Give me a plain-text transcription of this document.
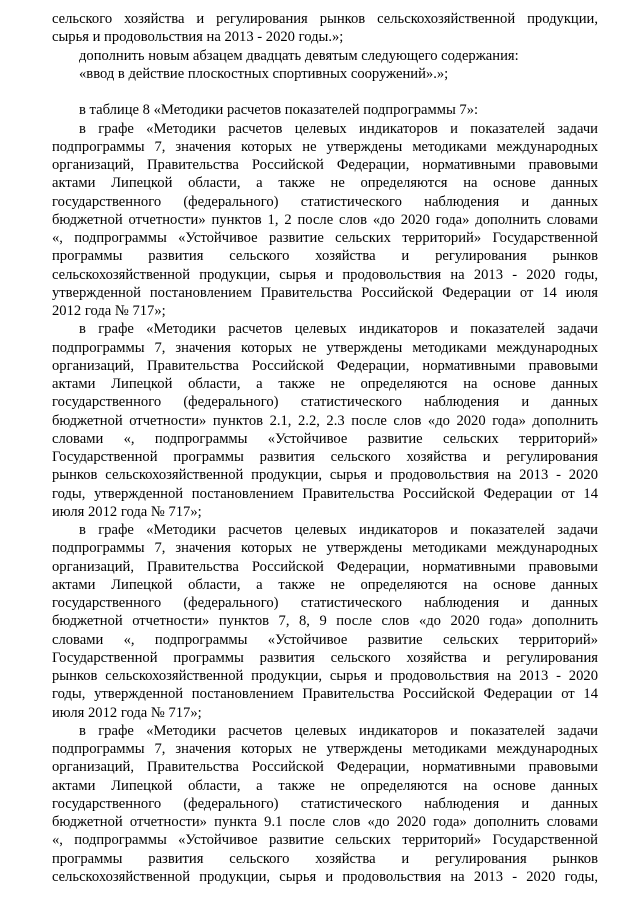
сельского хозяйства и регулирования рынков сельскохозяйственной продукции,
сырья и продовольствия на 2013 - 2020 годы.»;
дополнить новым абзацем двадцать девятым следующего содержания:
«ввод в действие плоскостных спортивных сооружений».»;
в таблице 8 «Методики расчетов показателей подпрограммы 7»:
в графе «Методики расчетов целевых индикаторов и показателей задачи
подпрограммы 7, значения которых не утверждены методиками международных
организаций, Правительства Российской Федерации, нормативными правовыми
актами Липецкой области, а также не определяются на основе данных
государственного (федерального) статистического наблюдения и данных
бюджетной отчетности» пунктов 1, 2 после слов «до 2020 года» дополнить словами
«, подпрограммы «Устойчивое развитие сельских территорий» Государственной
программы развития сельского хозяйства и регулирования рынков
сельскохозяйственной продукции, сырья и продовольствия на 2013 - 2020 годы,
утвержденной постановлением Правительства Российской Федерации от 14 июля
2012 года № 717»;
в графе «Методики расчетов целевых индикаторов и показателей задачи
подпрограммы 7, значения которых не утверждены методиками международных
организаций, Правительства Российской Федерации, нормативными правовыми
актами Липецкой области, а также не определяются на основе данных
государственного (федерального) статистического наблюдения и данных
бюджетной отчетности» пунктов 2.1, 2.2, 2.3 после слов «до 2020 года» дополнить
словами «, подпрограммы «Устойчивое развитие сельских территорий»
Государственной программы развития сельского хозяйства и регулирования
рынков сельскохозяйственной продукции, сырья и продовольствия на 2013 - 2020
годы, утвержденной постановлением Правительства Российской Федерации от 14
июля 2012 года № 717»;
в графе «Методики расчетов целевых индикаторов и показателей задачи
подпрограммы 7, значения которых не утверждены методиками международных
организаций, Правительства Российской Федерации, нормативными правовыми
актами Липецкой области, а также не определяются на основе данных
государственного (федерального) статистического наблюдения и данных
бюджетной отчетности» пунктов 7, 8, 9 после слов «до 2020 года» дополнить
словами «, подпрограммы «Устойчивое развитие сельских территорий»
Государственной программы развития сельского хозяйства и регулирования
рынков сельскохозяйственной продукции, сырья и продовольствия на 2013 - 2020
годы, утвержденной постановлением Правительства Российской Федерации от 14
июля 2012 года № 717»;
в графе «Методики расчетов целевых индикаторов и показателей задачи
подпрограммы 7, значения которых не утверждены методиками международных
организаций, Правительства Российской Федерации, нормативными правовыми
актами Липецкой области, а также не определяются на основе данных
государственного (федерального) статистического наблюдения и данных
бюджетной отчетности» пункта 9.1 после слов «до 2020 года» дополнить словами
«, подпрограммы «Устойчивое развитие сельских территорий» Государственной
программы развития сельского хозяйства и регулирования рынков
сельскохозяйственной продукции, сырья и продовольствия на 2013 - 2020 годы,
